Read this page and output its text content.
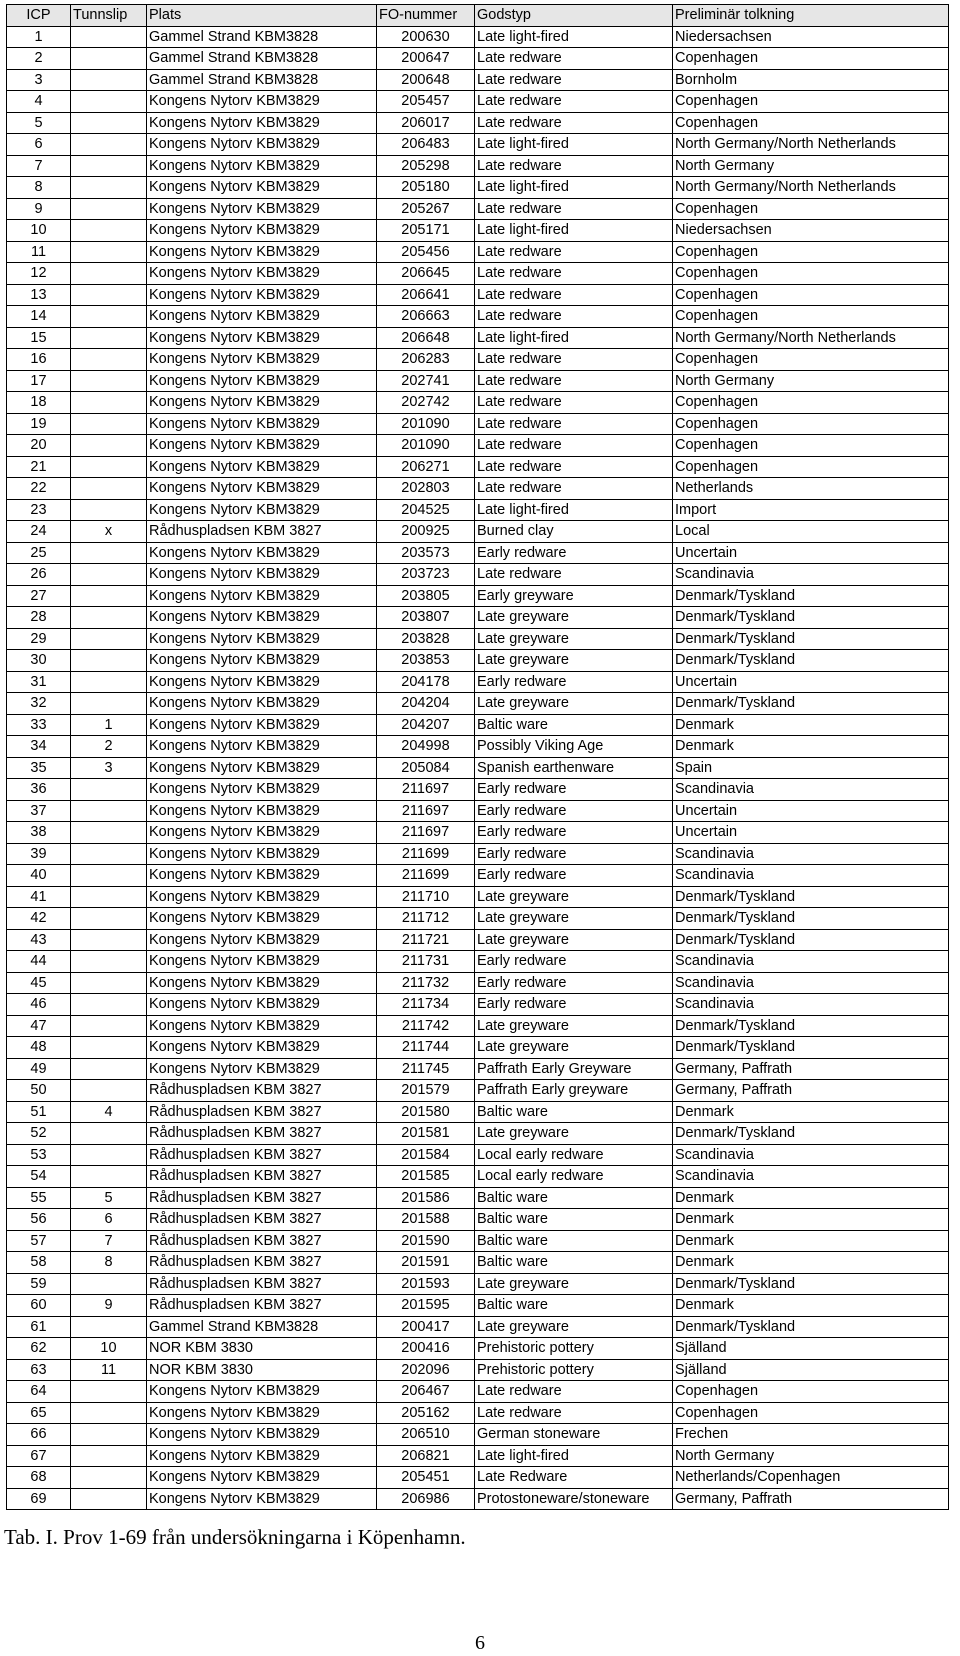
ICP	Tunnslip	Plats	FO-nummer	Godstyp	Preliminär tolkning
1		Gammel Strand KBM3828	200630	Late light-fired	Niedersachsen
2		Gammel Strand KBM3828	200647	Late redware	Copenhagen
3		Gammel Strand KBM3828	200648	Late redware	Bornholm
4		Kongens Nytorv KBM3829	205457	Late redware	Copenhagen
5		Kongens Nytorv KBM3829	206017	Late redware	Copenhagen
6		Kongens Nytorv KBM3829	206483	Late light-fired	North Germany/North Netherlands
7		Kongens Nytorv KBM3829	205298	Late redware	North Germany
8		Kongens Nytorv KBM3829	205180	Late light-fired	North Germany/North Netherlands
9		Kongens Nytorv KBM3829	205267	Late redware	Copenhagen
10		Kongens Nytorv KBM3829	205171	Late light-fired	Niedersachsen
11		Kongens Nytorv KBM3829	205456	Late redware	Copenhagen
12		Kongens Nytorv KBM3829	206645	Late redware	Copenhagen
13		Kongens Nytorv KBM3829	206641	Late redware	Copenhagen
14		Kongens Nytorv KBM3829	206663	Late redware	Copenhagen
15		Kongens Nytorv KBM3829	206648	Late light-fired	North Germany/North Netherlands
16		Kongens Nytorv KBM3829	206283	Late redware	Copenhagen
17		Kongens Nytorv KBM3829	202741	Late redware	North Germany
18		Kongens Nytorv KBM3829	202742	Late redware	Copenhagen
19		Kongens Nytorv KBM3829	201090	Late redware	Copenhagen
20		Kongens Nytorv KBM3829	201090	Late redware	Copenhagen
21		Kongens Nytorv KBM3829	206271	Late redware	Copenhagen
22		Kongens Nytorv KBM3829	202803	Late redware	Netherlands
23		Kongens Nytorv KBM3829	204525	Late light-fired	Import
24	x	Rådhuspladsen KBM 3827	200925	Burned clay	Local
25		Kongens Nytorv KBM3829	203573	Early redware	Uncertain
26		Kongens Nytorv KBM3829	203723	Late redware	Scandinavia
27		Kongens Nytorv KBM3829	203805	Early greyware	Denmark/Tyskland
28		Kongens Nytorv KBM3829	203807	Late greyware	Denmark/Tyskland
29		Kongens Nytorv KBM3829	203828	Late greyware	Denmark/Tyskland
30		Kongens Nytorv KBM3829	203853	Late greyware	Denmark/Tyskland
31		Kongens Nytorv KBM3829	204178	Early redware	Uncertain
32		Kongens Nytorv KBM3829	204204	Late greyware	Denmark/Tyskland
33	1	Kongens Nytorv KBM3829	204207	Baltic ware	Denmark
34	2	Kongens Nytorv KBM3829	204998	Possibly Viking Age	Denmark
35	3	Kongens Nytorv KBM3829	205084	Spanish earthenware	Spain
36		Kongens Nytorv KBM3829	211697	Early redware	Scandinavia
37		Kongens Nytorv KBM3829	211697	Early redware	Uncertain
38		Kongens Nytorv KBM3829	211697	Early redware	Uncertain
39		Kongens Nytorv KBM3829	211699	Early redware	Scandinavia
40		Kongens Nytorv KBM3829	211699	Early redware	Scandinavia
41		Kongens Nytorv KBM3829	211710	Late greyware	Denmark/Tyskland
42		Kongens Nytorv KBM3829	211712	Late greyware	Denmark/Tyskland
43		Kongens Nytorv KBM3829	211721	Late greyware	Denmark/Tyskland
44		Kongens Nytorv KBM3829	211731	Early redware	Scandinavia
45		Kongens Nytorv KBM3829	211732	Early redware	Scandinavia
46		Kongens Nytorv KBM3829	211734	Early redware	Scandinavia
47		Kongens Nytorv KBM3829	211742	Late greyware	Denmark/Tyskland
48		Kongens Nytorv KBM3829	211744	Late greyware	Denmark/Tyskland
49		Kongens Nytorv KBM3829	211745	Paffrath Early Greyware	Germany, Paffrath
50		Rådhuspladsen KBM 3827	201579	Paffrath Early greyware	Germany, Paffrath
51	4	Rådhuspladsen KBM 3827	201580	Baltic ware	Denmark
52		Rådhuspladsen KBM 3827	201581	Late greyware	Denmark/Tyskland
53		Rådhuspladsen KBM 3827	201584	Local early redware	Scandinavia
54		Rådhuspladsen KBM 3827	201585	Local early redware	Scandinavia
55	5	Rådhuspladsen KBM 3827	201586	Baltic ware	Denmark
56	6	Rådhuspladsen KBM 3827	201588	Baltic ware	Denmark
57	7	Rådhuspladsen KBM 3827	201590	Baltic ware	Denmark
58	8	Rådhuspladsen KBM 3827	201591	Baltic ware	Denmark
59		Rådhuspladsen KBM 3827	201593	Late greyware	Denmark/Tyskland
60	9	Rådhuspladsen KBM 3827	201595	Baltic ware	Denmark
61		Gammel Strand KBM3828	200417	Late greyware	Denmark/Tyskland
62	10	NOR KBM 3830	200416	Prehistoric pottery	Själland
63	11	NOR KBM 3830	202096	Prehistoric pottery	Själland
64		Kongens Nytorv KBM3829	206467	Late redware	Copenhagen
65		Kongens Nytorv KBM3829	205162	Late redware	Copenhagen
66		Kongens Nytorv KBM3829	206510	German stoneware	Frechen
67		Kongens Nytorv KBM3829	206821	Late light-fired	North Germany
68		Kongens Nytorv KBM3829	205451	Late Redware	Netherlands/Copenhagen
69		Kongens Nytorv KBM3829	206986	Protostoneware/stoneware	Germany, Paffrath
Tab. I. Prov 1-69 från undersökningarna i Köpenhamn.
6
